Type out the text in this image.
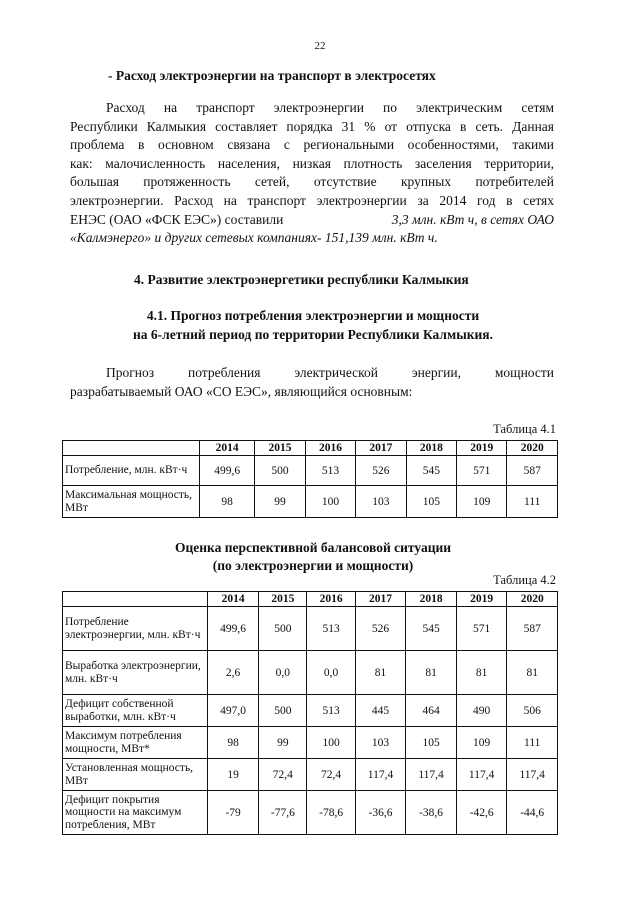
22
- Расход электроэнергии на транспорт в электросетях
Расход на транспорт электроэнергии по электрическим сетям
Республики Калмыкия составляет порядка 31 % от отпуска в сеть. Данная
проблема в основном связана с региональными особенностями, такими
как: малочисленность населения, низкая плотность заселения территории,
большая протяженность сетей, отсутствие крупных потребителей
электроэнергии. Расход на транспорт электроэнергии за 2014 год в сетях
ЕНЭС (ОАО «ФСК ЕЭС») составили	3,3 млн. кВт ч, в сетях ОАО
«Калмэнерго» и других сетевых компаниях- 151,139 млн. кВт ч.
4. Развитие электроэнергетики республики Калмыкия
4.1. Прогноз потребления электроэнергии и мощности
на 6-летний период по территории Республики Калмыкия.
Прогноз потребления электрической энергии, мощности
разрабатываемый ОАО «СО ЕЭС», являющийся основным:
Таблица 4.1
	2014	2015	2016	2017	2018	2019	2020
Потребление, млн. кВт·ч	499,6	500	513	526	545	571	587
Максимальная мощность, МВт	98	99	100	103	105	109	111
Оценка перспективной балансовой ситуации
(по электроэнергии и мощности)
Таблица 4.2
	2014	2015	2016	2017	2018	2019	2020
Потребление электроэнергии, млн. кВт·ч	499,6	500	513	526	545	571	587
Выработка электроэнергии, млн. кВт·ч	2,6	0,0	0,0	81	81	81	81
Дефицит собственной выработки, млн. кВт·ч	497,0	500	513	445	464	490	506
Максимум потребления мощности, МВт*	98	99	100	103	105	109	111
Установленная мощность, МВт	19	72,4	72,4	117,4	117,4	117,4	117,4
Дефицит покрытия мощности на максимум потребления, МВт	-79	-77,6	-78,6	-36,6	-38,6	-42,6	-44,6
